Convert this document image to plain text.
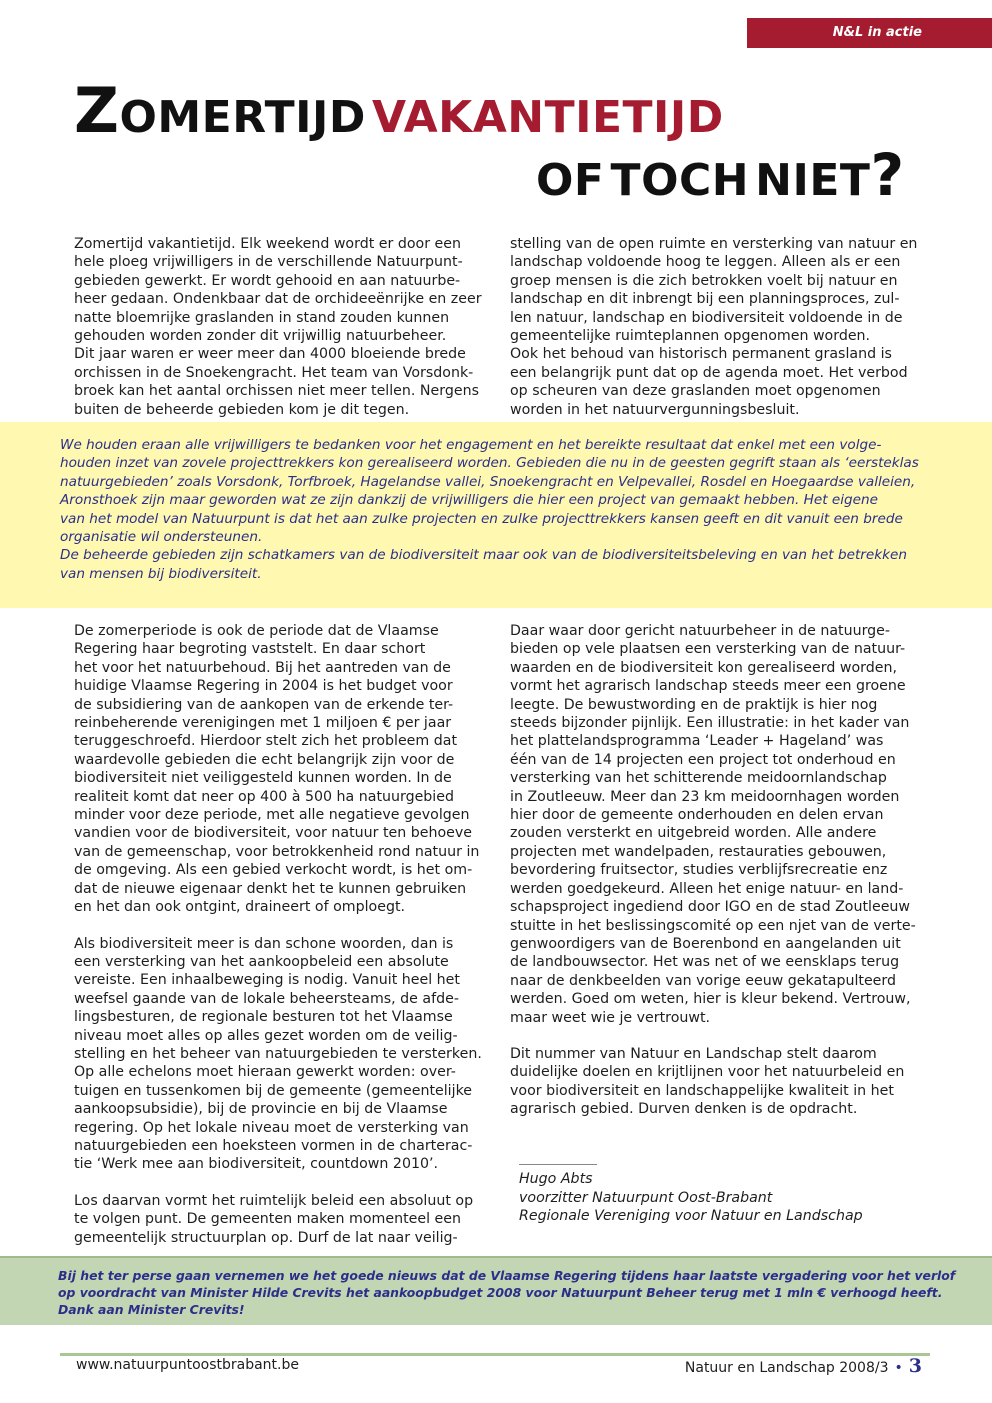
N&L in actie
ZOMERTIJD VAKANTIETIJD
OF TOCH NIET?

Zomertijd vakantietijd. Elk weekend wordt er door een
hele ploeg vrijwilligers in de verschillende Natuurpunt-
gebieden gewerkt. Er wordt gehooid en aan natuurbe-
heer gedaan. Ondenkbaar dat de orchideeënrijke en zeer
natte bloemrijke graslanden in stand zouden kunnen
gehouden worden zonder dit vrijwillig natuurbeheer.
Dit jaar waren er weer meer dan 4000 bloeiende brede
orchissen in de Snoekengracht. Het team van Vorsdonk-
broek kan het aantal orchissen niet meer tellen. Nergens
buiten de beheerde gebieden kom je dit tegen.

stelling van de open ruimte en versterking van natuur en
landschap voldoende hoog te leggen. Alleen als er een
groep mensen is die zich betrokken voelt bij natuur en
landschap en dit inbrengt bij een planningsproces, zul-
len natuur, landschap en biodiversiteit voldoende in de
gemeentelijke ruimteplannen opgenomen worden.
Ook het behoud van historisch permanent grasland is
een belangrijk punt dat op de agenda moet. Het verbod
op scheuren van deze graslanden moet opgenomen
worden in het natuurvergunningsbesluit.

We houden eraan alle vrijwilligers te bedanken voor het engagement en het bereikte resultaat dat enkel met een volge-
houden inzet van zovele projecttrekkers kon gerealiseerd worden. Gebieden die nu in de geesten gegrift staan als ‘eersteklas
natuurgebieden’ zoals Vorsdonk, Torfbroek, Hagelandse vallei, Snoekengracht en Velpevallei, Rosdel en Hoegaardse valleien,
Aronsthoek zijn maar geworden wat ze zijn dankzij de vrijwilligers die hier een project van gemaakt hebben. Het eigene
van het model van Natuurpunt is dat het aan zulke projecten en zulke projecttrekkers kansen geeft en dit vanuit een brede
organisatie wil ondersteunen.

De beheerde gebieden zijn schatkamers van de biodiversiteit maar ook van de biodiversiteitsbeleving en van het betrekken
van mensen bij biodiversiteit.

De zomerperiode is ook de periode dat de Vlaamse
Regering haar begroting vaststelt. En daar schort
het voor het natuurbehoud. Bij het aantreden van de
huidige Vlaamse Regering in 2004 is het budget voor
de subsidiering van de aankopen van de erkende ter-
reinbeherende verenigingen met 1 miljoen € per jaar
teruggeschroefd. Hierdoor stelt zich het probleem dat
waardevolle gebieden die echt belangrijk zijn voor de
biodiversiteit niet veiliggesteld kunnen worden. In de
realiteit komt dat neer op 400 à 500 ha natuurgebied
minder voor deze periode, met alle negatieve gevolgen
vandien voor de biodiversiteit, voor natuur ten behoeve
van de gemeenschap, voor betrokkenheid rond natuur in
de omgeving. Als een gebied verkocht wordt, is het om-
dat de nieuwe eigenaar denkt het te kunnen gebruiken
en het dan ook ontgint, draineert of omploegt.

Als biodiversiteit meer is dan schone woorden, dan is
een versterking van het aankoopbeleid een absolute
vereiste. Een inhaalbeweging is nodig. Vanuit heel het
weefsel gaande van de lokale beheersteams, de afde-
lingsbesturen, de regionale besturen tot het Vlaamse
niveau moet alles op alles gezet worden om de veilig-
stelling en het beheer van natuurgebieden te versterken.
Op alle echelons moet hieraan gewerkt worden: over-
tuigen en tussenkomen bij de gemeente (gemeentelijke
aankoopsubsidie), bij de provincie en bij de Vlaamse
regering. Op het lokale niveau moet de versterking van
natuurgebieden een hoeksteen vormen in de charterac-
tie ‘Werk mee aan biodiversiteit, countdown 2010’.

Los daarvan vormt het ruimtelijk beleid een absoluut op
te volgen punt. De gemeenten maken momenteel een
gemeentelijk structuurplan op. Durf de lat naar veilig-

Daar waar door gericht natuurbeheer in de natuurge-
bieden op vele plaatsen een versterking van de natuur-
waarden en de biodiversiteit kon gerealiseerd worden,
vormt het agrarisch landschap steeds meer een groene
leegte. De bewustwording en de praktijk is hier nog
steeds bijzonder pijnlijk. Een illustratie: in het kader van
het plattelandsprogramma ‘Leader + Hageland’ was
één van de 14 projecten een project tot onderhoud en
versterking van het schitterende meidoornlandschap
in Zoutleeuw. Meer dan 23 km meidoornhagen worden
hier door de gemeente onderhouden en delen ervan
zouden versterkt en uitgebreid worden. Alle andere
projecten met wandelpaden, restauraties gebouwen,
bevordering fruitsector, studies verblijfsrecreatie enz
werden goedgekeurd. Alleen het enige natuur- en land-
schapsproject ingediend door IGO en de stad Zoutleeuw
stuitte in het beslissingscomité op een njet van de verte-
genwoordigers van de Boerenbond en aangelanden uit
de landbouwsector. Het was net of we eensklaps terug
naar de denkbeelden van vorige eeuw gekatapulteerd
werden. Goed om weten, hier is kleur bekend. Vertrouw,
maar weet wie je vertrouwt.

Dit nummer van Natuur en Landschap stelt daarom
duidelijke doelen en krijtlijnen voor het natuurbeleid en
voor biodiversiteit en landschappelijke kwaliteit in het
agrarisch gebied. Durven denken is de opdracht.

Hugo Abts
voorzitter Natuurpunt Oost-Brabant
Regionale Vereniging voor Natuur en Landschap

Bij het ter perse gaan vernemen we het goede nieuws dat de Vlaamse Regering tijdens haar laatste vergadering voor het verlof
op voordracht van Minister Hilde Crevits het aankoopbudget 2008 voor Natuurpunt Beheer terug met 1 mln € verhoogd heeft.
Dank aan Minister Crevits!

www.natuurpuntoostbrabant.be	Natuur en Landschap 2008/3 • 3
